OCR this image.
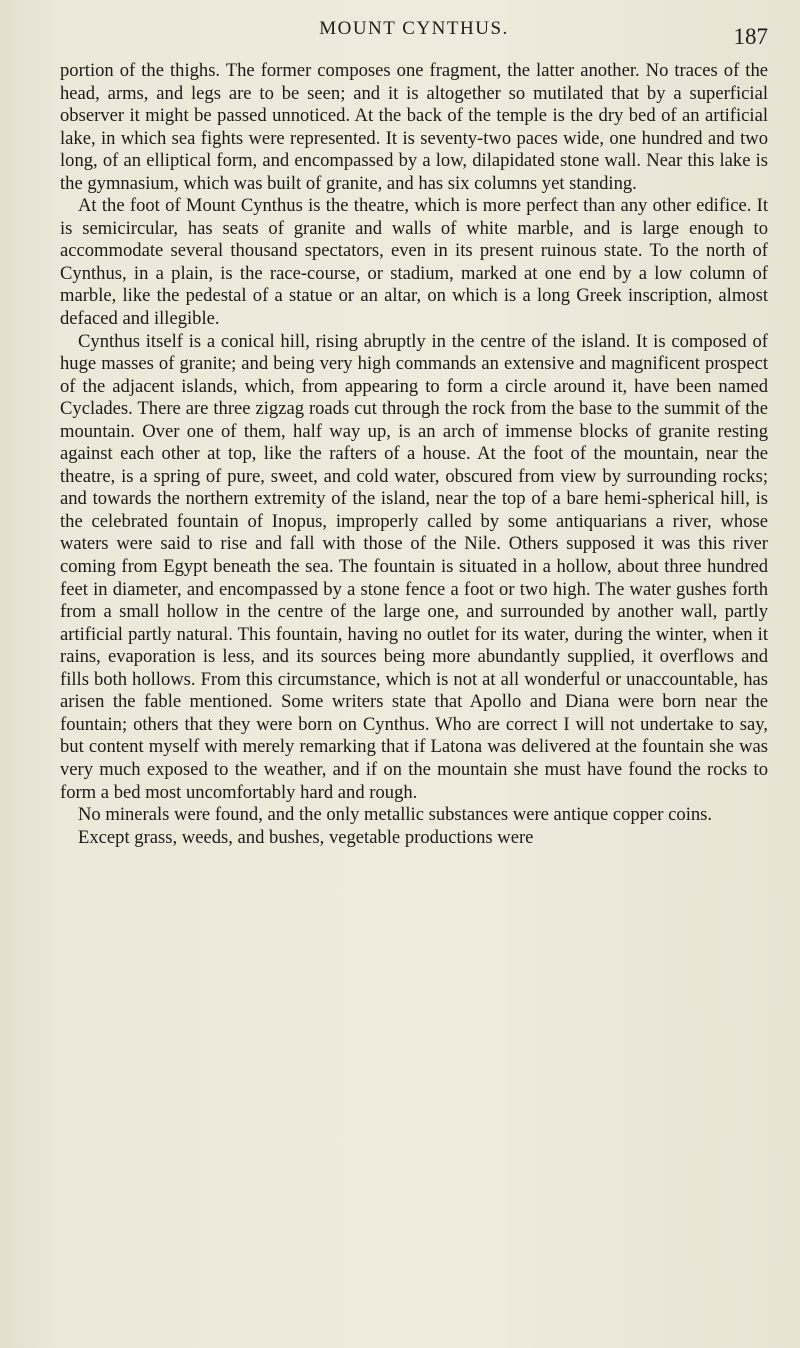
MOUNT CYNTHUS.	187

portion of the thighs. The former composes one fragment, the latter another. No traces of the head, arms, and legs are to be seen; and it is altogether so mutilated that by a superficial observer it might be passed unnoticed. At the back of the temple is the dry bed of an artificial lake, in which sea fights were represented. It is seventy-two paces wide, one hundred and two long, of an elliptical form, and encompassed by a low, dilapidated stone wall. Near this lake is the gymnasium, which was built of granite, and has six columns yet standing.

At the foot of Mount Cynthus is the theatre, which is more perfect than any other edifice. It is semicircular, has seats of granite and walls of white marble, and is large enough to accommodate several thousand spectators, even in its present ruinous state. To the north of Cynthus, in a plain, is the race-course, or stadium, marked at one end by a low column of marble, like the pedestal of a statue or an altar, on which is a long Greek inscription, almost defaced and illegible.

Cynthus itself is a conical hill, rising abruptly in the centre of the island. It is composed of huge masses of granite; and being very high commands an extensive and magnificent prospect of the adjacent islands, which, from appearing to form a circle around it, have been named Cyclades. There are three zigzag roads cut through the rock from the base to the summit of the mountain. Over one of them, half way up, is an arch of immense blocks of granite resting against each other at top, like the rafters of a house. At the foot of the mountain, near the theatre, is a spring of pure, sweet, and cold water, obscured from view by surrounding rocks; and towards the northern extremity of the island, near the top of a bare hemi-spherical hill, is the celebrated fountain of Inopus, improperly called by some antiquarians a river, whose waters were said to rise and fall with those of the Nile. Others supposed it was this river coming from Egypt beneath the sea. The fountain is situated in a hollow, about three hundred feet in diameter, and encompassed by a stone fence a foot or two high. The water gushes forth from a small hollow in the centre of the large one, and surrounded by another wall, partly artificial partly natural. This fountain, having no outlet for its water, during the winter, when it rains, evaporation is less, and its sources being more abundantly supplied, it overflows and fills both hollows. From this circumstance, which is not at all wonderful or unaccountable, has arisen the fable mentioned. Some writers state that Apollo and Diana were born near the fountain; others that they were born on Cynthus. Who are correct I will not undertake to say, but content myself with merely remarking that if Latona was delivered at the fountain she was very much exposed to the weather, and if on the mountain she must have found the rocks to form a bed most uncomfortably hard and rough.

No minerals were found, and the only metallic substances were antique copper coins.

Except grass, weeds, and bushes, vegetable productions were
